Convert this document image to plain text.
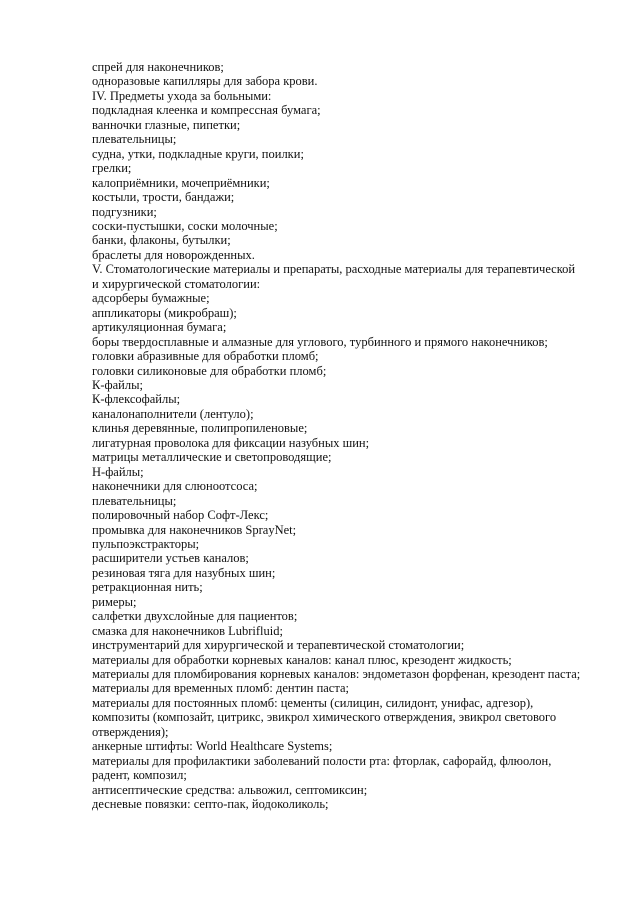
спрей для наконечников;
одноразовые капилляры для забора крови.
IV. Предметы ухода за больными:
подкладная клеенка и компрессная бумага;
ванночки глазные, пипетки;
плевательницы;
судна, утки, подкладные круги, поилки;
грелки;
калоприёмники, мочеприёмники;
костыли, трости, бандажи;
подгузники;
соски-пустышки, соски молочные;
банки, флаконы, бутылки;
браслеты для новорожденных.
V. Стоматологические материалы и препараты, расходные материалы для терапевтической
и хирургической стоматологии:
адсорберы бумажные;
аппликаторы (микробраш);
артикуляционная бумага;
боры твердосплавные и алмазные для углового, турбинного и прямого наконечников;
головки абразивные для обработки пломб;
головки силиконовые для обработки пломб;
К-файлы;
К-флексофайлы;
каналонаполнители (лентуло);
клинья деревянные, полипропиленовые;
лигатурная проволока для фиксации назубных шин;
матрицы металлические и светопроводящие;
Н-файлы;
наконечники для слюноотсоса;
плевательницы;
полировочный набор Софт-Лекс;
промывка для наконечников SprayNet;
пульпоэкстракторы;
расширители устьев каналов;
резиновая тяга для назубных шин;
ретракционная нить;
римеры;
салфетки двухслойные для пациентов;
смазка для наконечников Lubrifluid;
инструментарий для хирургической и терапевтической стоматологии;
материалы для обработки корневых каналов: канал плюс, крезодент жидкость;
материалы для пломбирования корневых каналов: эндометазон форфенан, крезодент паста;
материалы для временных пломб: дентин паста;
материалы для постоянных пломб: цементы (силицин, силидонт, унифас, адгезор),
композиты (композайт, цитрикс, эвикрол химического отверждения, эвикрол светового
отверждения);
анкерные штифты: World Healthcare Systems;
материалы для профилактики заболеваний полости рта: фторлак, сафорайд, флюолон,
радент, композил;
антисептические средства: альвожил, септомиксин;
десневые повязки: септо-пак, йодоколиколь;
